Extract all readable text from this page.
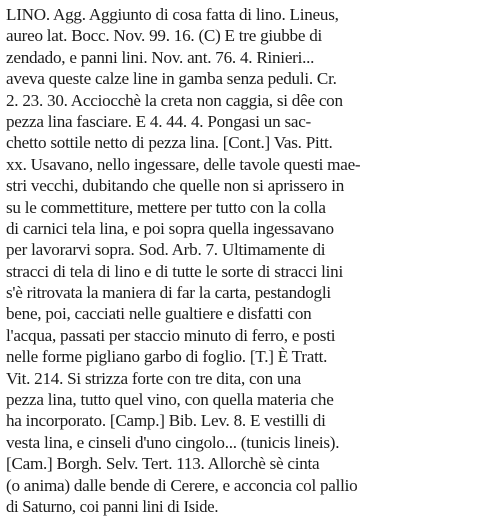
LINO. Agg. Aggiunto di cosa fatta di lino. Lineus,
aureo lat. Bocc. Nov. 99. 16. (C) E tre giubbe di
zendado, e panni lini. Nov. ant. 76. 4. Rinieri...
aveva queste calze line in gamba senza peduli. Cr.
2. 23. 30. Acciocchè la creta non caggia, si dêe con
pezza lina fasciare. E 4. 44. 4. Pongasi un sac-
chetto sottile netto di pezza lina. [Cont.] Vas. Pitt.
xx. Usavano, nello ingessare, delle tavole questi mae-
stri vecchi, dubitando che quelle non si aprissero in
su le commettiture, mettere per tutto con la colla
di carnici tela lina, e poi sopra quella ingessavano
per lavorarvi sopra. Sod. Arb. 7. Ultimamente di
stracci di tela di lino e di tutte le sorte di stracci lini
s'è ritrovata la maniera di far la carta, pestandogli
bene, poi, cacciati nelle gualtiere e disfatti con
l'acqua, passati per staccio minuto di ferro, e posti
nelle forme pigliano garbo di foglio. [T.] È Tratt.
Vit. 214. Si strizza forte con tre dita, con una
pezza lina, tutto quel vino, con quella materia che
ha incorporato. [Camp.] Bib. Lev. 8. E vestilli di
vesta lina, e cinseli d'uno cingolo... (tunicis lineis).
[Cam.] Borgh. Selv. Tert. 113. Allorchè sè cinta
(o anima) dalle bende di Cerere, e acconcia col pallio
di Saturno, coi panni lini di Iside.
